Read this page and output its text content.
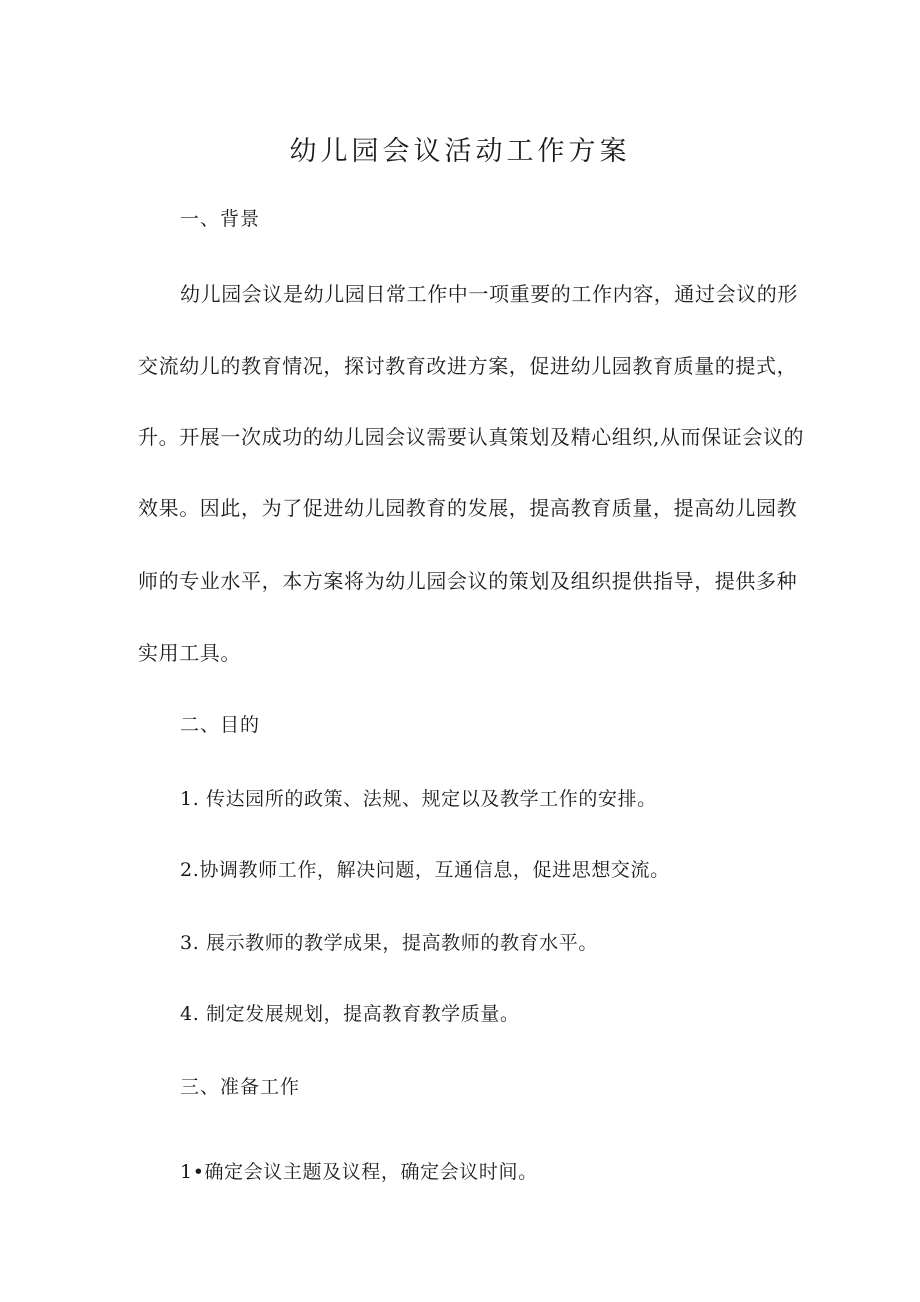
幼儿园会议活动工作方案
一、背景

幼儿园会议是幼儿园日常工作中一项重要的工作内容，通过会议的形

交流幼儿的教育情况，探讨教育改进方案，促进幼儿园教育质量的提式，

升。开展一次成功的幼儿园会议需要认真策划及精心组织,从而保证会议的

效果。因此，为了促进幼儿园教育的发展，提高教育质量，提高幼儿园教

师的专业水平，本方案将为幼儿园会议的策划及组织提供指导，提供多种

实用工具。

二、目的

1. 传达园所的政策、法规、规定以及教学工作的安排。

2.协调教师工作，解决问题，互通信息，促进思想交流。

3. 展示教师的教学成果，提高教师的教育水平。

4. 制定发展规划，提高教育教学质量。

三、准备工作

1•确定会议主题及议程，确定会议时间。
